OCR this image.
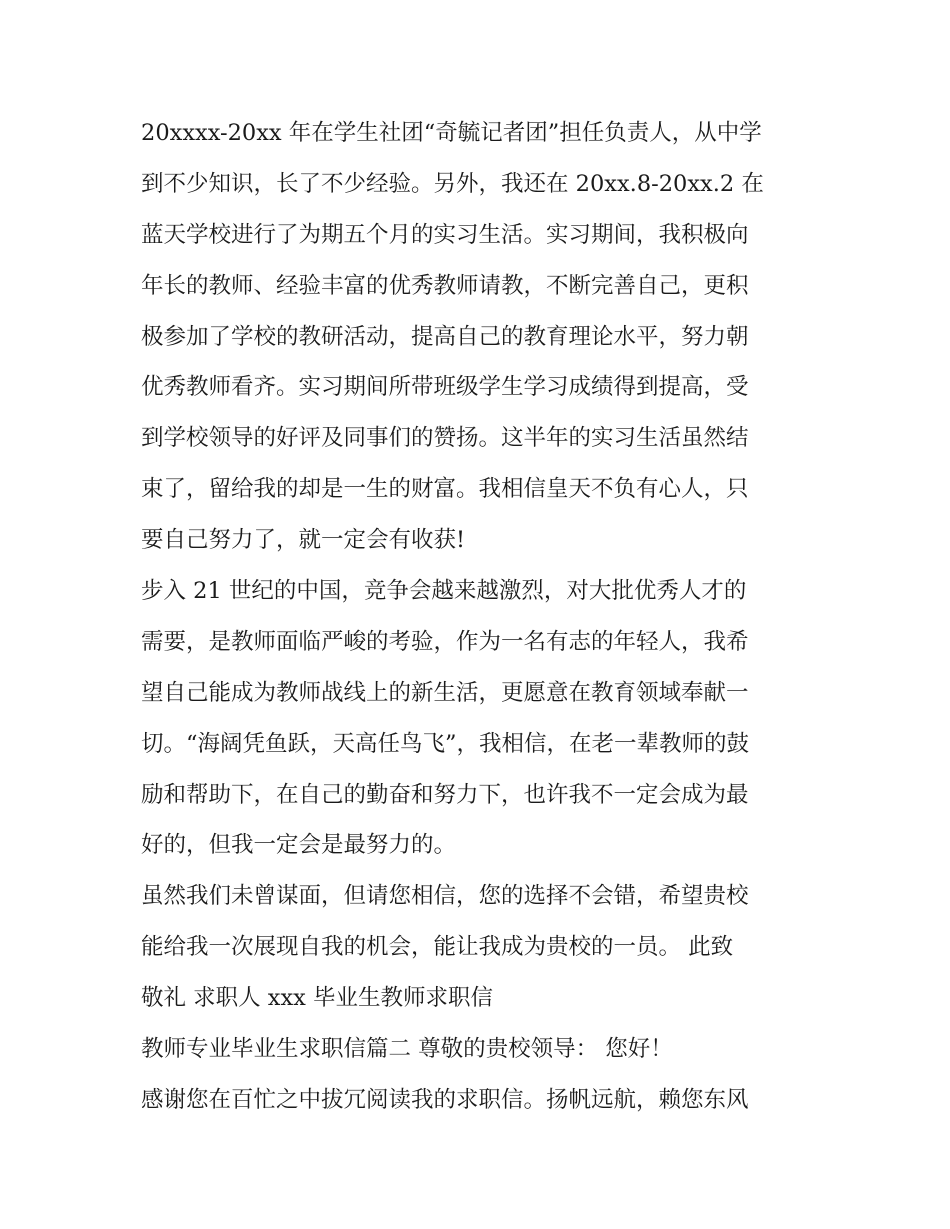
20xxxx-20xx 年在学生社团“奇毓记者团”担任负责人，从中学
到不少知识，长了不少经验。另外，我还在 20xx.8-20xx.2 在
蓝天学校进行了为期五个月的实习生活。实习期间，我积极向
年长的教师、经验丰富的优秀教师请教，不断完善自己，更积
极参加了学校的教研活动，提高自己的教育理论水平，努力朝
优秀教师看齐。实习期间所带班级学生学习成绩得到提高，受
到学校领导的好评及同事们的赞扬。这半年的实习生活虽然结
束了，留给我的却是一生的财富。我相信皇天不负有心人，只
要自己努力了，就一定会有收获!
步入 21 世纪的中国，竞争会越来越激烈，对大批优秀人才的
需要，是教师面临严峻的考验，作为一名有志的年轻人，我希
望自己能成为教师战线上的新生活，更愿意在教育领域奉献一
切。“海阔凭鱼跃，天高任鸟飞”，我相信，在老一辈教师的鼓
励和帮助下，在自己的勤奋和努力下，也许我不一定会成为最
好的，但我一定会是最努力的。
虽然我们未曾谋面，但请您相信，您的选择不会错，希望贵校
能给我一次展现自我的机会，能让我成为贵校的一员。 此致
敬礼 求职人 xxx 毕业生教师求职信
教师专业毕业生求职信篇二 尊敬的贵校领导： 您好！
感谢您在百忙之中拔冗阅读我的求职信。扬帆远航，赖您东风
